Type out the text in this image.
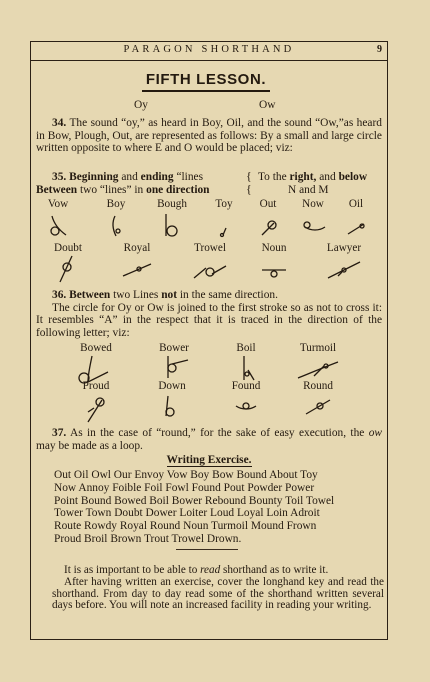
PARAGON SHORTHAND	9
FIFTH LESSON.
Oy	Ow
34. The sound “oy,” as heard in Boy, Oil, and the sound “Ow,”as heard in Bow, Plough, Out, are represented as follows: By a small and large circle written opposite to where E and O would be placed; viz:
35. Beginning and ending “lines
Between two “lines” in one direction
{
{
To the right, and below
N and M
Vow	Boy	Bough	Toy	Out	Now	Oil
Doubt	Royal	Trowel	Noun	Lawyer
36. Between two Lines not in the same direction.
The circle for Oy or Ow is joined to the first stroke so as not to cross it: It resembles “A” in the respect that it is traced in the direction of the following letter; viz:
Bowed	Bower	Boil	Turmoil
Proud	Down	Found	Round
37. As in the case of “round,” for the sake of easy execution, the ow may be made as a loop.
Writing Exercise.
Out Oil Owl Our Envoy Vow Boy Bow Bound About Toy
Now Annoy Foible Foil Fowl Found Pout Powder Power
Point Bound Bowed Boil Bower Rebound Bounty Toil Towel
Tower Town Doubt Dower Loiter Loud Loyal Loin Adroit
Route Rowdy Royal Round Noun Turmoil Mound Frown
Proud Broil Brown Trout Trowel Drown.
It is as important to be able to read shorthand as to write it.
After having written an exercise, cover the longhand key and read the shorthand. From day to day read some of the shorthand written several days before. You will note an increased facility in reading your writing.
